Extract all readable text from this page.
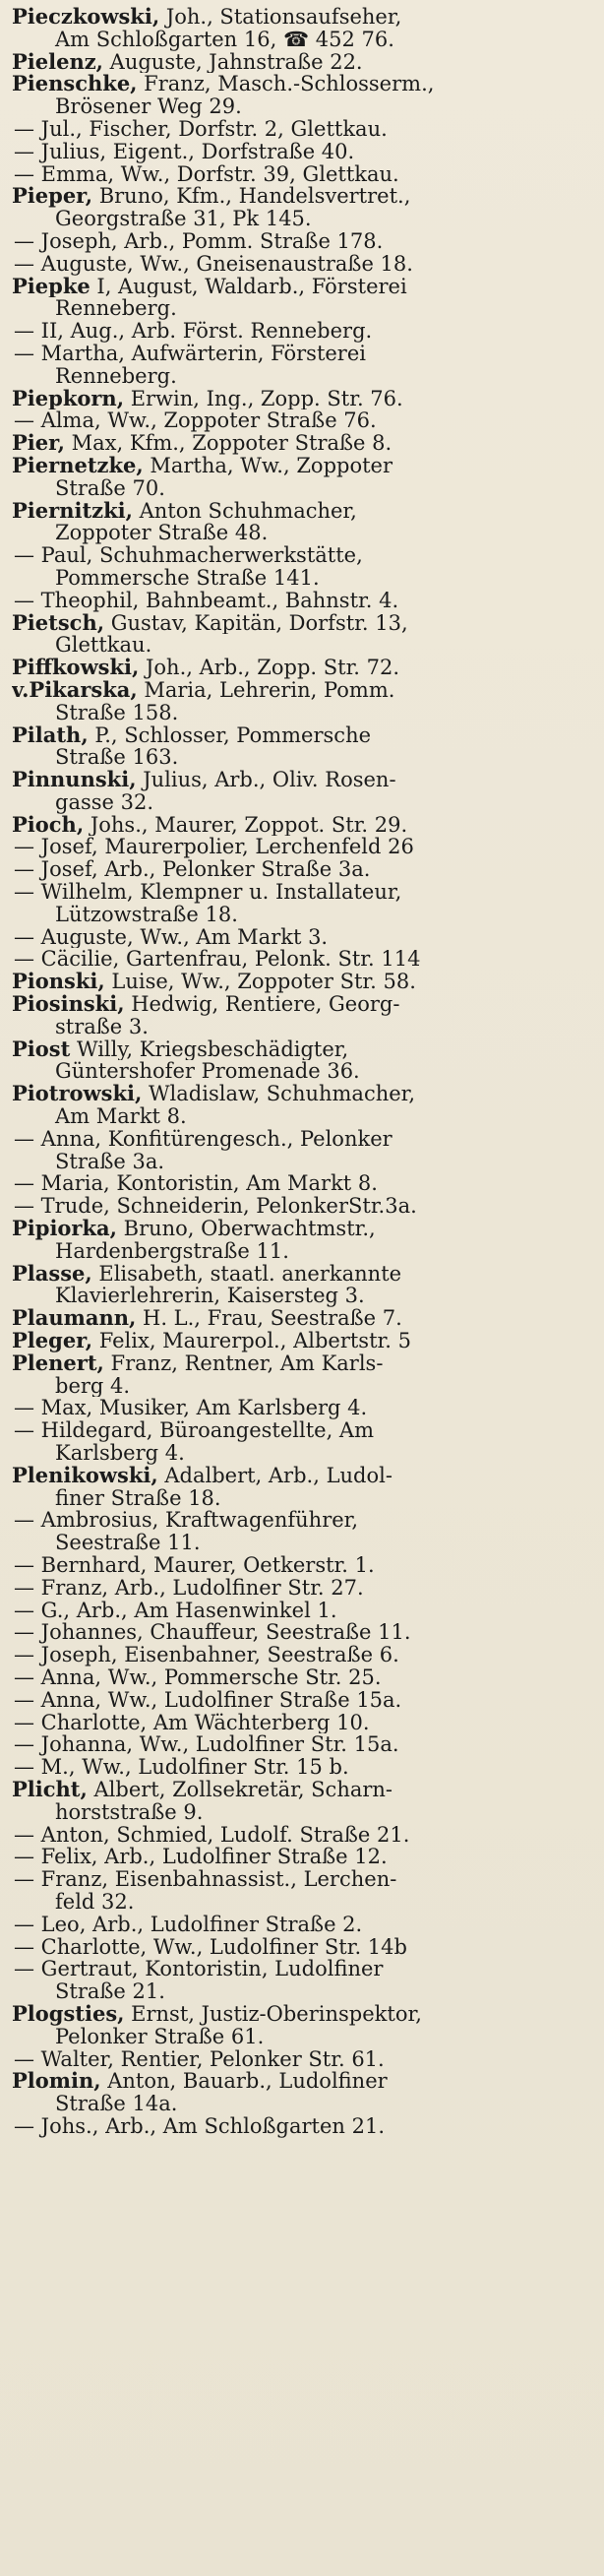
Pieczkowski, Joh., Stationsaufseher,
Am Schloßgarten 16, ☎ 452 76.
Pielenz, Auguste, Jahnstraße 22.
Pienschke, Franz, Masch.-Schlosserm.,
Brösener Weg 29.
— Jul., Fischer, Dorfstr. 2, Glettkau.
— Julius, Eigent., Dorfstraße 40.
— Emma, Ww., Dorfstr. 39, Glettkau.
Pieper, Bruno, Kfm., Handelsvertret.,
Georgstraße 31, Pk 145.
— Joseph, Arb., Pomm. Straße 178.
— Auguste, Ww., Gneisenaustraße 18.
Piepke I, August, Waldarb., Försterei
Renneberg.
— II, Aug., Arb. Först. Renneberg.
— Martha, Aufwärterin, Försterei
Renneberg.
Piepkorn, Erwin, Ing., Zopp. Str. 76.
— Alma, Ww., Zoppoter Straße 76.
Pier, Max, Kfm., Zoppoter Straße 8.
Piernetzke, Martha, Ww., Zoppoter
Straße 70.
Piernitzki, Anton Schuhmacher,
Zoppoter Straße 48.
— Paul, Schuhmacherwerkstätte,
Pommersche Straße 141.
— Theophil, Bahnbeamt., Bahnstr. 4.
Pietsch, Gustav, Kapitän, Dorfstr. 13,
Glettkau.
Piffkowski, Joh., Arb., Zopp. Str. 72.
v.Pikarska, Maria, Lehrerin, Pomm.
Straße 158.
Pilath, P., Schlosser, Pommersche
Straße 163.
Pinnunski, Julius, Arb., Oliv. Rosen-
gasse 32.
Pioch, Johs., Maurer, Zoppot. Str. 29.
— Josef, Maurerpolier, Lerchenfeld 26
— Josef, Arb., Pelonker Straße 3a.
— Wilhelm, Klempner u. Installateur,
Lützowstraße 18.
— Auguste, Ww., Am Markt 3.
— Cäcilie, Gartenfrau, Pelonk. Str. 114
Pionski, Luise, Ww., Zoppoter Str. 58.
Piosinski, Hedwig, Rentiere, Georg-
straße 3.
Piost Willy, Kriegsbeschädigter,
Güntershofer Promenade 36.
Piotrowski, Wladislaw, Schuhmacher,
Am Markt 8.
— Anna, Konfitürengesch., Pelonker
Straße 3a.
— Maria, Kontoristin, Am Markt 8.
— Trude, Schneiderin, PelonkerStr.3a.
Pipiorka, Bruno, Oberwachtmstr.,
Hardenbergstraße 11.
Plasse, Elisabeth, staatl. anerkannte
Klavierlehrerin, Kaisersteg 3.
Plaumann, H. L., Frau, Seestraße 7.
Pleger, Felix, Maurerpol., Albertstr. 5
Plenert, Franz, Rentner, Am Karls-
berg 4.
— Max, Musiker, Am Karlsberg 4.
— Hildegard, Büroangestellte, Am
Karlsberg 4.
Plenikowski, Adalbert, Arb., Ludol-
finer Straße 18.
— Ambrosius, Kraftwagenführer,
Seestraße 11.
— Bernhard, Maurer, Oetkerstr. 1.
— Franz, Arb., Ludolfiner Str. 27.
— G., Arb., Am Hasenwinkel 1.
— Johannes, Chauffeur, Seestraße 11.
— Joseph, Eisenbahner, Seestraße 6.
— Anna, Ww., Pommersche Str. 25.
— Anna, Ww., Ludolfiner Straße 15a.
— Charlotte, Am Wächterberg 10.
— Johanna, Ww., Ludolfiner Str. 15a.
— M., Ww., Ludolfiner Str. 15 b.
Plicht, Albert, Zollsekretär, Scharn-
horststraße 9.
— Anton, Schmied, Ludolf. Straße 21.
— Felix, Arb., Ludolfiner Straße 12.
— Franz, Eisenbahnassist., Lerchen-
feld 32.
— Leo, Arb., Ludolfiner Straße 2.
— Charlotte, Ww., Ludolfiner Str. 14b
— Gertraut, Kontoristin, Ludolfiner
Straße 21.
Plogsties, Ernst, Justiz-Oberinspektor,
Pelonker Straße 61.
— Walter, Rentier, Pelonker Str. 61.
Plomin, Anton, Bauarb., Ludolfiner
Straße 14a.
— Johs., Arb., Am Schloßgarten 21.
